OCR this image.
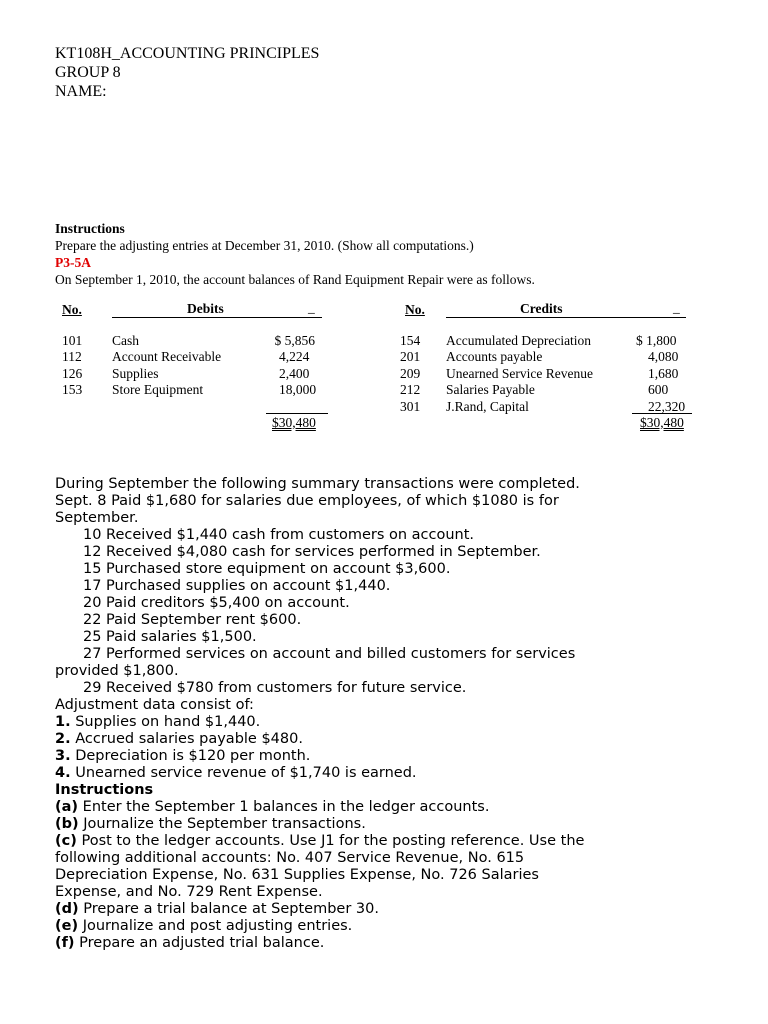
KT108H_ACCOUNTING PRINCIPLES
GROUP 8
NAME:
Instructions
Prepare the adjusting entries at December 31, 2010. (Show all computations.)
P3-5A
On September 1, 2010, the account balances of Rand Equipment Repair were as follows.
No.	Debits	_
101 Cash	$ 5,856
112 Account Receivable	4,224
126 Supplies	2,400
153 Store Equipment	18,000
$30,480
No.	Credits	_
154 Accumulated Depreciation	$ 1,800
201 Accounts payable	4,080
209 Unearned Service Revenue	1,680
212 Salaries Payable	600
301 J.Rand, Capital	22,320
$30,480
During September the following summary transactions were completed.
Sept. 8 Paid $1,680 for salaries due employees, of which $1080 is for
September.
10 Received $1,440 cash from customers on account.
12 Received $4,080 cash for services performed in September.
15 Purchased store equipment on account $3,600.
17 Purchased supplies on account $1,440.
20 Paid creditors $5,400 on account.
22 Paid September rent $600.
25 Paid salaries $1,500.
27 Performed services on account and billed customers for services
provided $1,800.
29 Received $780 from customers for future service.
Adjustment data consist of:
1. Supplies on hand $1,440.
2. Accrued salaries payable $480.
3. Depreciation is $120 per month.
4. Unearned service revenue of $1,740 is earned.
Instructions
(a) Enter the September 1 balances in the ledger accounts.
(b) Journalize the September transactions.
(c) Post to the ledger accounts. Use J1 for the posting reference. Use the
following additional accounts: No. 407 Service Revenue, No. 615
Depreciation Expense, No. 631 Supplies Expense, No. 726 Salaries
Expense, and No. 729 Rent Expense.
(d) Prepare a trial balance at September 30.
(e) Journalize and post adjusting entries.
(f) Prepare an adjusted trial balance.
